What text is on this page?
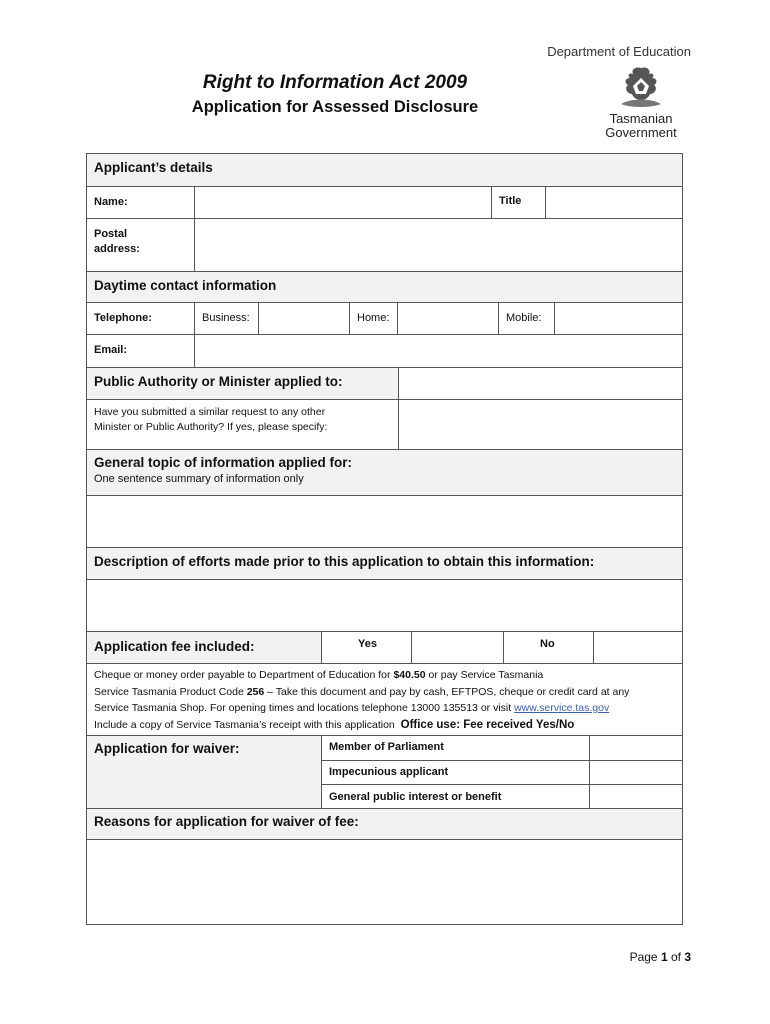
Department of Education
Right to Information Act 2009
Application for Assessed Disclosure
Tasmanian
Government
Applicant’s details
Name:	Title
Postal
address:
Daytime contact information
Telephone:	Business:	Home:	Mobile:
Email:
Public Authority or Minister applied to:
Have you submitted a similar request to any other
Minister or Public Authority? If yes, please specify:
General topic of information applied for:
One sentence summary of information only
Description of efforts made prior to this application to obtain this information:
Application fee included:	Yes	No
Cheque or money order payable to Department of Education for $40.50 or pay Service Tasmania
Service Tasmania Product Code 256 – Take this document and pay by cash, EFTPOS, cheque or credit card at any
Service Tasmania Shop. For opening times and locations telephone 13000 135513 or visit www.service.tas.gov
Include a copy of Service Tasmania’s receipt with this application Office use: Fee received Yes/No
Application for waiver:	Member of Parliament
Impecunious applicant
General public interest or benefit
Reasons for application for waiver of fee:
Page 1 of 3
